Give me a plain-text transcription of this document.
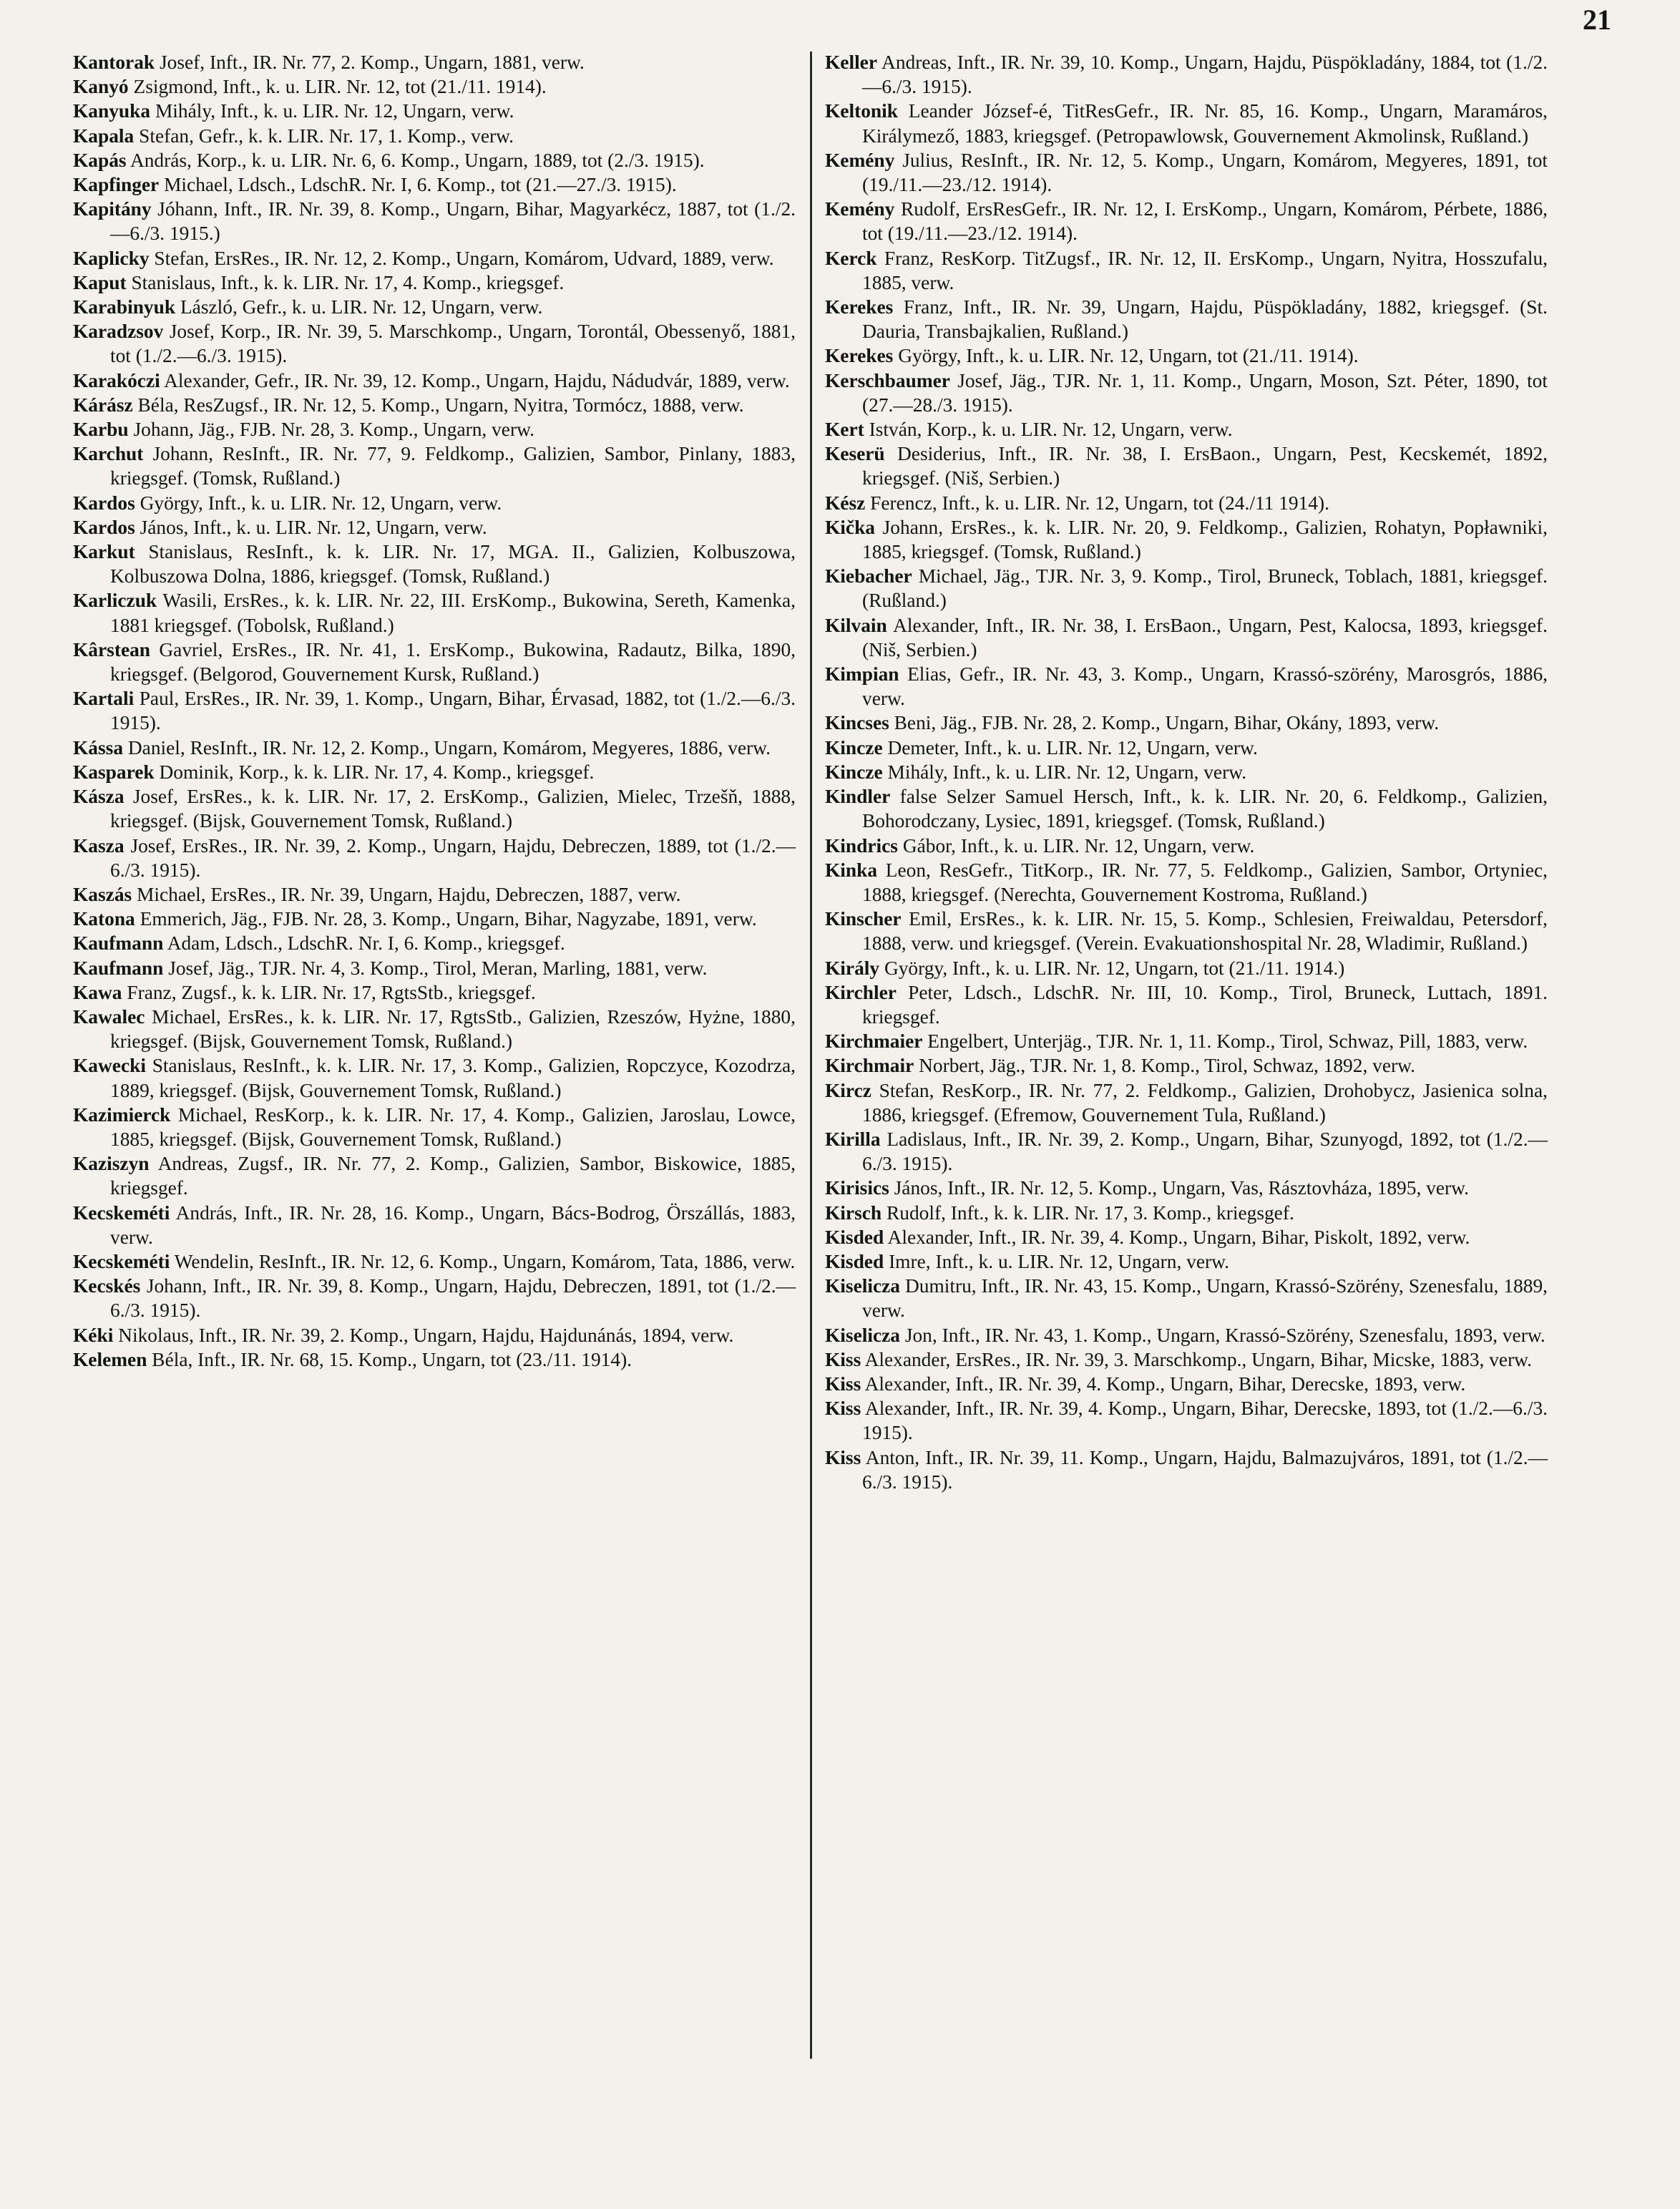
21

Kantorak Josef, Inft., IR. Nr. 77, 2. Komp., Ungarn, 1881, verw.

Kanyó Zsigmond, Inft., k. u. LIR. Nr. 12, tot (21./11. 1914).

Kanyuka Mihály, Inft., k. u. LIR. Nr. 12, Ungarn, verw.

Kapala Stefan, Gefr., k. k. LIR. Nr. 17, 1. Komp., verw.

Kapás András, Korp., k. u. LIR. Nr. 6, 6. Komp., Ungarn, 1889, tot (2./3. 1915).

Kapfinger Michael, Ldsch., LdschR. Nr. I, 6. Komp., tot (21.—27./3. 1915).

Kapitány Jóhann, Inft., IR. Nr. 39, 8. Komp., Ungarn, Bihar, Magyarkécz, 1887, tot (1./2.—6./3. 1915.)

Kaplicky Stefan, ErsRes., IR. Nr. 12, 2. Komp., Ungarn, Komárom, Udvard, 1889, verw.

Kaput Stanislaus, Inft., k. k. LIR. Nr. 17, 4. Komp., kriegsgef.

Karabinyuk László, Gefr., k. u. LIR. Nr. 12, Ungarn, verw.

Karadzsov Josef, Korp., IR. Nr. 39, 5. Marschkomp., Ungarn, Torontál, Obessenyő, 1881, tot (1./2.—6./3. 1915).

Karakóczi Alexander, Gefr., IR. Nr. 39, 12. Komp., Ungarn, Hajdu, Nádudvár, 1889, verw.

Kárász Béla, ResZugsf., IR. Nr. 12, 5. Komp., Ungarn, Nyitra, Tormócz, 1888, verw.

Karbu Johann, Jäg., FJB. Nr. 28, 3. Komp., Ungarn, verw.

Karchut Johann, ResInft., IR. Nr. 77, 9. Feldkomp., Galizien, Sambor, Pinlany, 1883, kriegsgef. (Tomsk, Rußland.)

Kardos György, Inft., k. u. LIR. Nr. 12, Ungarn, verw.

Kardos János, Inft., k. u. LIR. Nr. 12, Ungarn, verw.

Karkut Stanislaus, ResInft., k. k. LIR. Nr. 17, MGA. II., Galizien, Kolbuszowa, Kolbuszowa Dolna, 1886, kriegsgef. (Tomsk, Rußland.)

Karliczuk Wasili, ErsRes., k. k. LIR. Nr. 22, III. ErsKomp., Bukowina, Sereth, Kamenka, 1881 kriegsgef. (Tobolsk, Rußland.)

Kârstean Gavriel, ErsRes., IR. Nr. 41, 1. ErsKomp., Bukowina, Radautz, Bilka, 1890, kriegsgef. (Belgorod, Gouvernement Kursk, Rußland.)

Kartali Paul, ErsRes., IR. Nr. 39, 1. Komp., Ungarn, Bihar, Érvasad, 1882, tot (1./2.—6./3. 1915).

Kássa Daniel, ResInft., IR. Nr. 12, 2. Komp., Ungarn, Komárom, Megyeres, 1886, verw.

Kasparek Dominik, Korp., k. k. LIR. Nr. 17, 4. Komp., kriegsgef.

Kásza Josef, ErsRes., k. k. LIR. Nr. 17, 2. ErsKomp., Galizien, Mielec, Trzešň, 1888, kriegsgef. (Bijsk, Gouvernement Tomsk, Rußland.)

Kasza Josef, ErsRes., IR. Nr. 39, 2. Komp., Ungarn, Hajdu, Debreczen, 1889, tot (1./2.—6./3. 1915).

Kaszás Michael, ErsRes., IR. Nr. 39, Ungarn, Hajdu, Debreczen, 1887, verw.

Katona Emmerich, Jäg., FJB. Nr. 28, 3. Komp., Ungarn, Bihar, Nagyzabe, 1891, verw.

Kaufmann Adam, Ldsch., LdschR. Nr. I, 6. Komp., kriegsgef.

Kaufmann Josef, Jäg., TJR. Nr. 4, 3. Komp., Tirol, Meran, Marling, 1881, verw.

Kawa Franz, Zugsf., k. k. LIR. Nr. 17, RgtsStb., kriegsgef.

Kawalec Michael, ErsRes., k. k. LIR. Nr. 17, RgtsStb., Galizien, Rzeszów, Hyżne, 1880, kriegsgef. (Bijsk, Gouvernement Tomsk, Rußland.)

Kawecki Stanislaus, ResInft., k. k. LIR. Nr. 17, 3. Komp., Galizien, Ropczyce, Kozodrza, 1889, kriegsgef. (Bijsk, Gouvernement Tomsk, Rußland.)

Kazimierck Michael, ResKorp., k. k. LIR. Nr. 17, 4. Komp., Galizien, Jaroslau, Lowce, 1885, kriegsgef. (Bijsk, Gouvernement Tomsk, Rußland.)

Kaziszyn Andreas, Zugsf., IR. Nr. 77, 2. Komp., Galizien, Sambor, Biskowice, 1885, kriegsgef.

Kecskeméti András, Inft., IR. Nr. 28, 16. Komp., Ungarn, Bács-Bodrog, Örszállás, 1883, verw.

Kecskeméti Wendelin, ResInft., IR. Nr. 12, 6. Komp., Ungarn, Komárom, Tata, 1886, verw.

Kecskés Johann, Inft., IR. Nr. 39, 8. Komp., Ungarn, Hajdu, Debreczen, 1891, tot (1./2.—6./3. 1915).

Kéki Nikolaus, Inft., IR. Nr. 39, 2. Komp., Ungarn, Hajdu, Hajdunánás, 1894, verw.

Kelemen Béla, Inft., IR. Nr. 68, 15. Komp., Ungarn, tot (23./11. 1914).

Keller Andreas, Inft., IR. Nr. 39, 10. Komp., Ungarn, Hajdu, Püspökladány, 1884, tot (1./2.—6./3. 1915).

Keltonik Leander József-é, TitResGefr., IR. Nr. 85, 16. Komp., Ungarn, Maramáros, Királymező, 1883, kriegsgef. (Petropawlowsk, Gouvernement Akmolinsk, Rußland.)

Kemény Julius, ResInft., IR. Nr. 12, 5. Komp., Ungarn, Komárom, Megyeres, 1891, tot (19./11.—23./12. 1914).

Kemény Rudolf, ErsResGefr., IR. Nr. 12, I. ErsKomp., Ungarn, Komárom, Pérbete, 1886, tot (19./11.—23./12. 1914).

Kerck Franz, ResKorp. TitZugsf., IR. Nr. 12, II. ErsKomp., Ungarn, Nyitra, Hosszufalu, 1885, verw.

Kerekes Franz, Inft., IR. Nr. 39, Ungarn, Hajdu, Püspökladány, 1882, kriegsgef. (St. Dauria, Transbajkalien, Rußland.)

Kerekes György, Inft., k. u. LIR. Nr. 12, Ungarn, tot (21./11. 1914).

Kerschbaumer Josef, Jäg., TJR. Nr. 1, 11. Komp., Ungarn, Moson, Szt. Péter, 1890, tot (27.—28./3. 1915).

Kert István, Korp., k. u. LIR. Nr. 12, Ungarn, verw.

Keserü Desiderius, Inft., IR. Nr. 38, I. ErsBaon., Ungarn, Pest, Kecskemét, 1892, kriegsgef. (Niš, Serbien.)

Kész Ferencz, Inft., k. u. LIR. Nr. 12, Ungarn, tot (24./11 1914).

Kička Johann, ErsRes., k. k. LIR. Nr. 20, 9. Feldkomp., Galizien, Rohatyn, Popławniki, 1885, kriegsgef. (Tomsk, Rußland.)

Kiebacher Michael, Jäg., TJR. Nr. 3, 9. Komp., Tirol, Bruneck, Toblach, 1881, kriegsgef. (Rußland.)

Kilvain Alexander, Inft., IR. Nr. 38, I. ErsBaon., Ungarn, Pest, Kalocsa, 1893, kriegsgef. (Niš, Serbien.)

Kimpian Elias, Gefr., IR. Nr. 43, 3. Komp., Ungarn, Krassó-szörény, Marosgrós, 1886, verw.

Kincses Beni, Jäg., FJB. Nr. 28, 2. Komp., Ungarn, Bihar, Okány, 1893, verw.

Kincze Demeter, Inft., k. u. LIR. Nr. 12, Ungarn, verw.

Kincze Mihály, Inft., k. u. LIR. Nr. 12, Ungarn, verw.

Kindler false Selzer Samuel Hersch, Inft., k. k. LIR. Nr. 20, 6. Feldkomp., Galizien, Bohorodczany, Lysiec, 1891, kriegsgef. (Tomsk, Rußland.)

Kindrics Gábor, Inft., k. u. LIR. Nr. 12, Ungarn, verw.

Kinka Leon, ResGefr., TitKorp., IR. Nr. 77, 5. Feldkomp., Galizien, Sambor, Ortyniec, 1888, kriegsgef. (Nerechta, Gouvernement Kostroma, Rußland.)

Kinscher Emil, ErsRes., k. k. LIR. Nr. 15, 5. Komp., Schlesien, Freiwaldau, Petersdorf, 1888, verw. und kriegsgef. (Verein. Evakuationshospital Nr. 28, Wladimir, Rußland.)

Király György, Inft., k. u. LIR. Nr. 12, Ungarn, tot (21./11. 1914.)

Kirchler Peter, Ldsch., LdschR. Nr. III, 10. Komp., Tirol, Bruneck, Luttach, 1891. kriegsgef.

Kirchmaier Engelbert, Unterjäg., TJR. Nr. 1, 11. Komp., Tirol, Schwaz, Pill, 1883, verw.

Kirchmair Norbert, Jäg., TJR. Nr. 1, 8. Komp., Tirol, Schwaz, 1892, verw.

Kircz Stefan, ResKorp., IR. Nr. 77, 2. Feldkomp., Galizien, Drohobycz, Jasienica solna, 1886, kriegsgef. (Efremow, Gouvernement Tula, Rußland.)

Kirilla Ladislaus, Inft., IR. Nr. 39, 2. Komp., Ungarn, Bihar, Szunyogd, 1892, tot (1./2.—6./3. 1915).

Kirisics János, Inft., IR. Nr. 12, 5. Komp., Ungarn, Vas, Rásztovháza, 1895, verw.

Kirsch Rudolf, Inft., k. k. LIR. Nr. 17, 3. Komp., kriegsgef.

Kisded Alexander, Inft., IR. Nr. 39, 4. Komp., Ungarn, Bihar, Piskolt, 1892, verw.

Kisded Imre, Inft., k. u. LIR. Nr. 12, Ungarn, verw.

Kiselicza Dumitru, Inft., IR. Nr. 43, 15. Komp., Ungarn, Krassó-Szörény, Szenesfalu, 1889, verw.

Kiselicza Jon, Inft., IR. Nr. 43, 1. Komp., Ungarn, Krassó-Szörény, Szenesfalu, 1893, verw.

Kiss Alexander, ErsRes., IR. Nr. 39, 3. Marschkomp., Ungarn, Bihar, Micske, 1883, verw.

Kiss Alexander, Inft., IR. Nr. 39, 4. Komp., Ungarn, Bihar, Derecske, 1893, verw.

Kiss Alexander, Inft., IR. Nr. 39, 4. Komp., Ungarn, Bihar, Derecske, 1893, tot (1./2.—6./3. 1915).

Kiss Anton, Inft., IR. Nr. 39, 11. Komp., Ungarn, Hajdu, Balmazujváros, 1891, tot (1./2.—6./3. 1915).
